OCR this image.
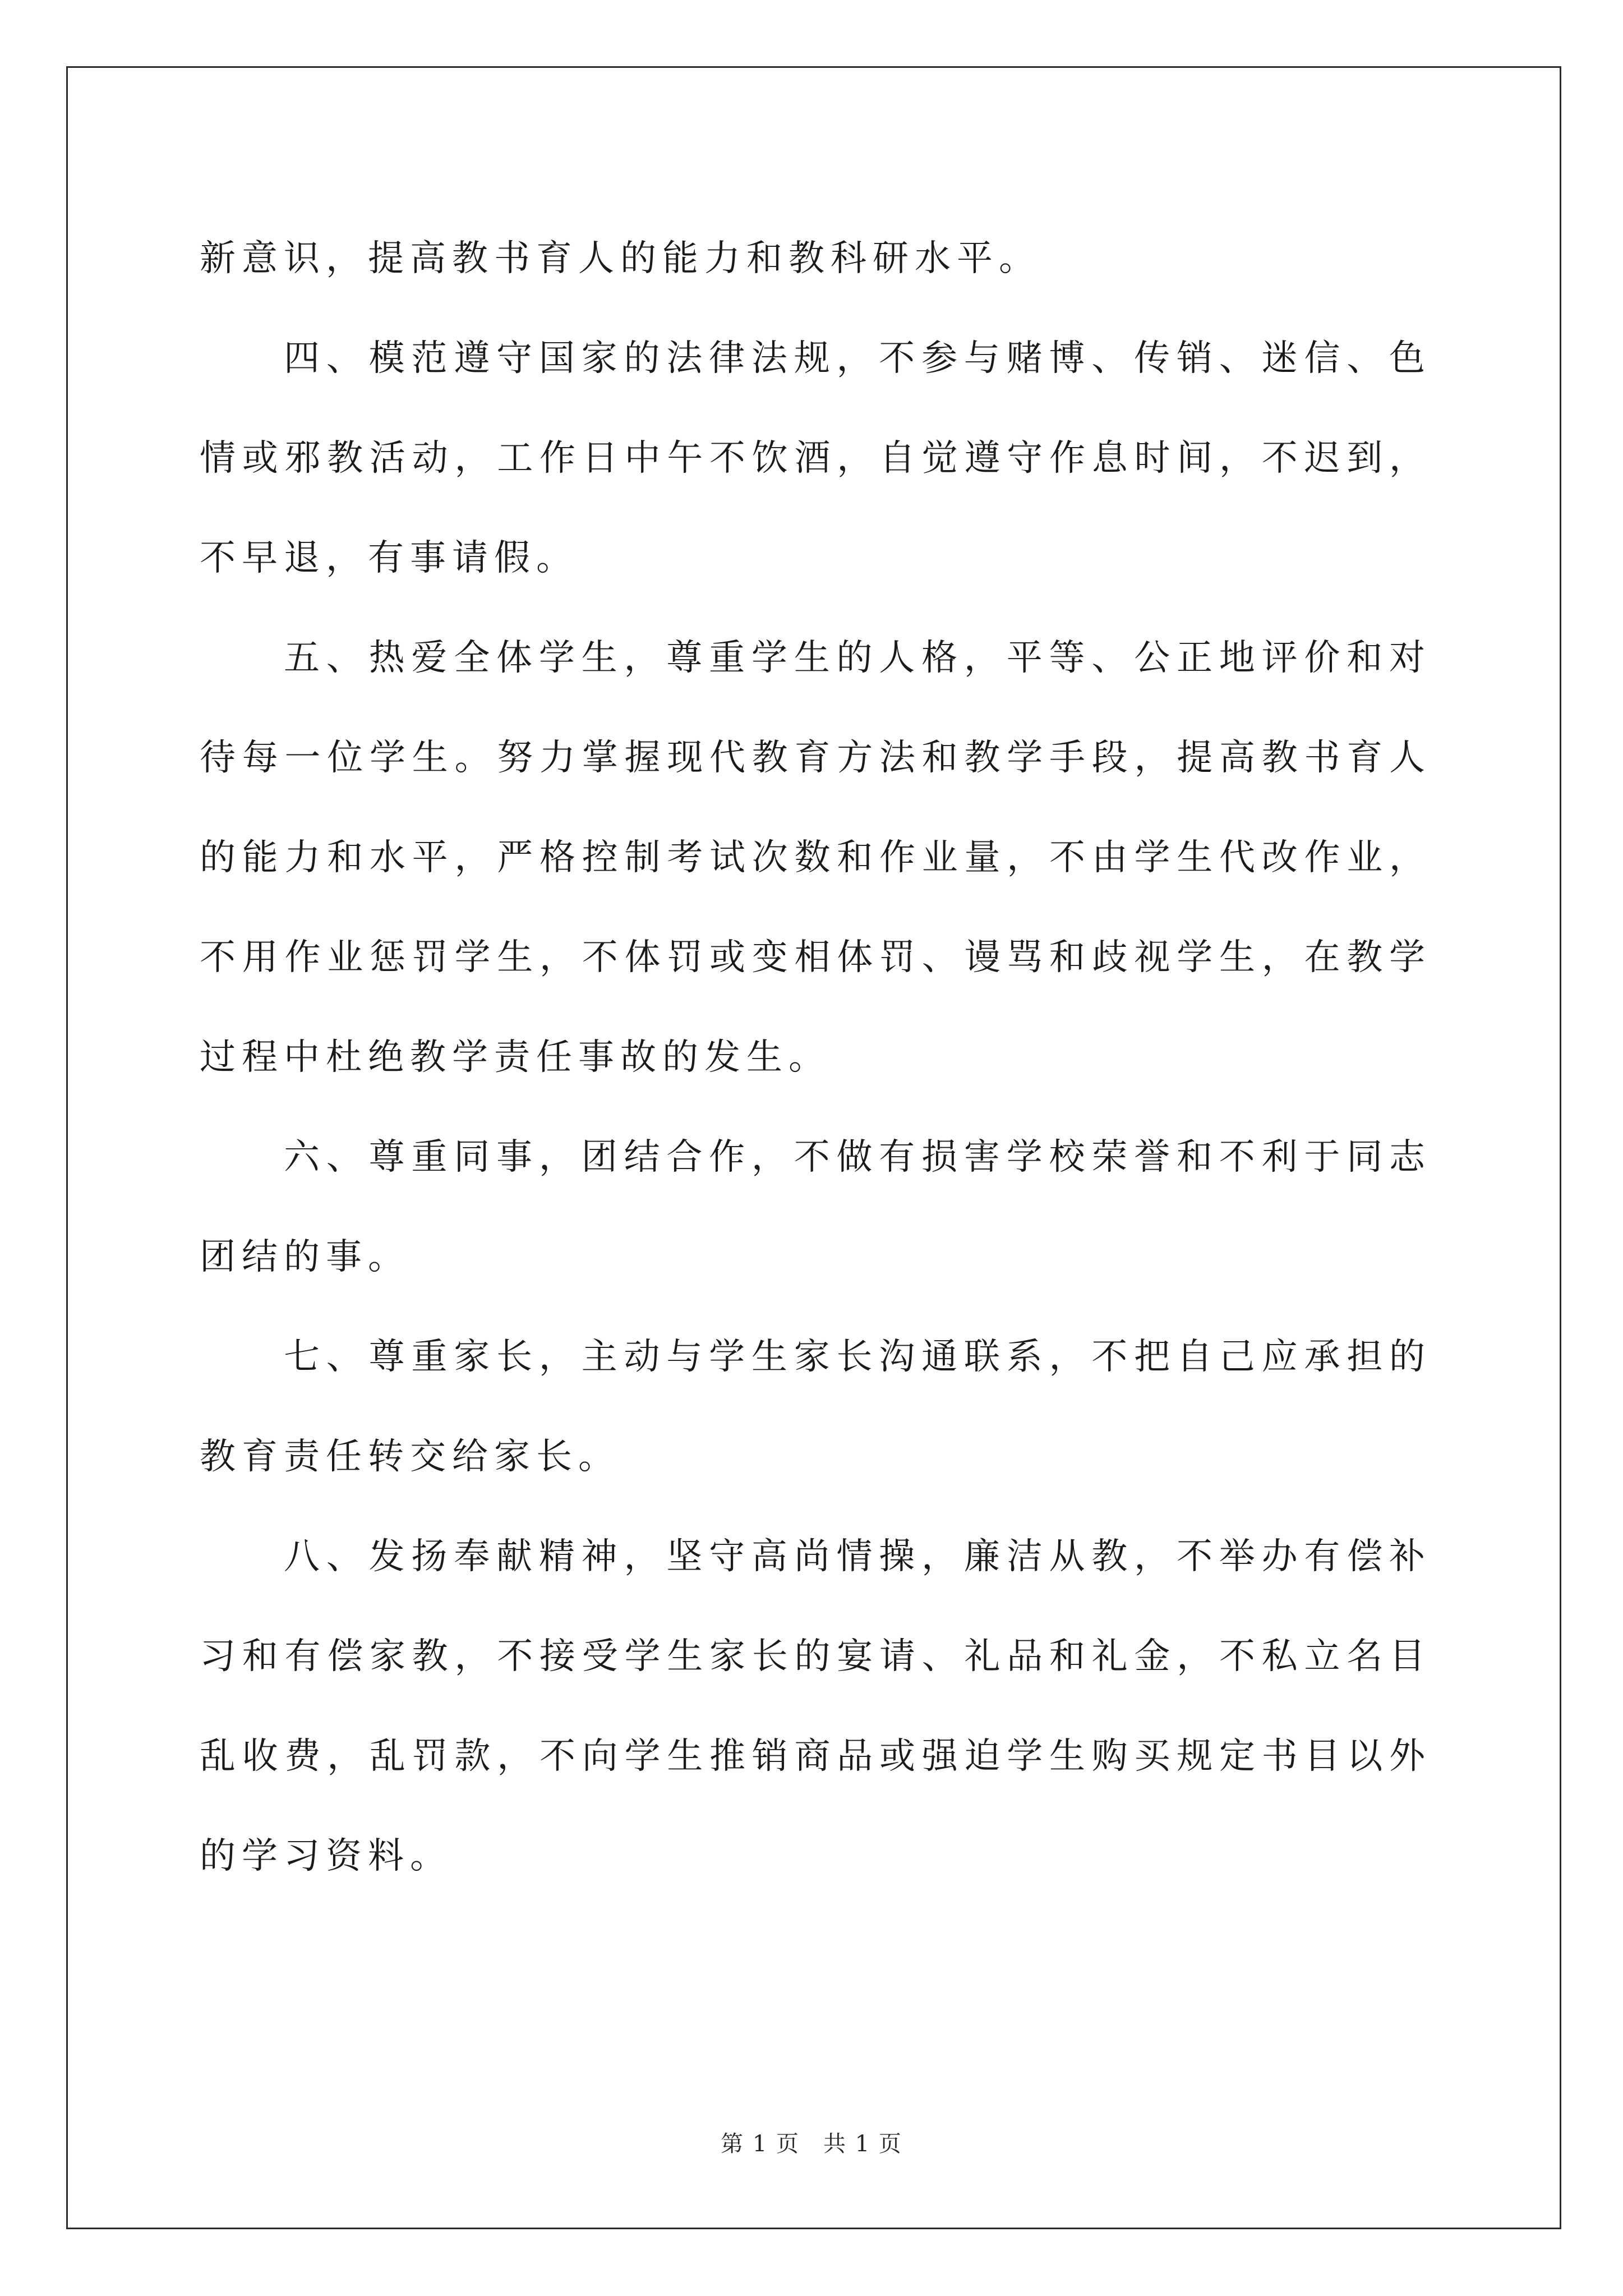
新意识，提高教书育人的能力和教科研水平。

四、模范遵守国家的法律法规，不参与赌博、传销、迷信、色情或邪教活动，工作日中午不饮酒，自觉遵守作息时间，不迟到，不早退，有事请假。

五、热爱全体学生，尊重学生的人格，平等、公正地评价和对待每一位学生。努力掌握现代教育方法和教学手段，提高教书育人的能力和水平，严格控制考试次数和作业量，不由学生代改作业，不用作业惩罚学生，不体罚或变相体罚、谩骂和歧视学生，在教学过程中杜绝教学责任事故的发生。

六、尊重同事，团结合作，不做有损害学校荣誉和不利于同志团结的事。

七、尊重家长，主动与学生家长沟通联系，不把自己应承担的教育责任转交给家长。

八、发扬奉献精神，坚守高尚情操，廉洁从教，不举办有偿补习和有偿家教，不接受学生家长的宴请、礼品和礼金，不私立名目乱收费，乱罚款，不向学生推销商品或强迫学生购买规定书目以外的学习资料。

第 1 页　共 1 页
